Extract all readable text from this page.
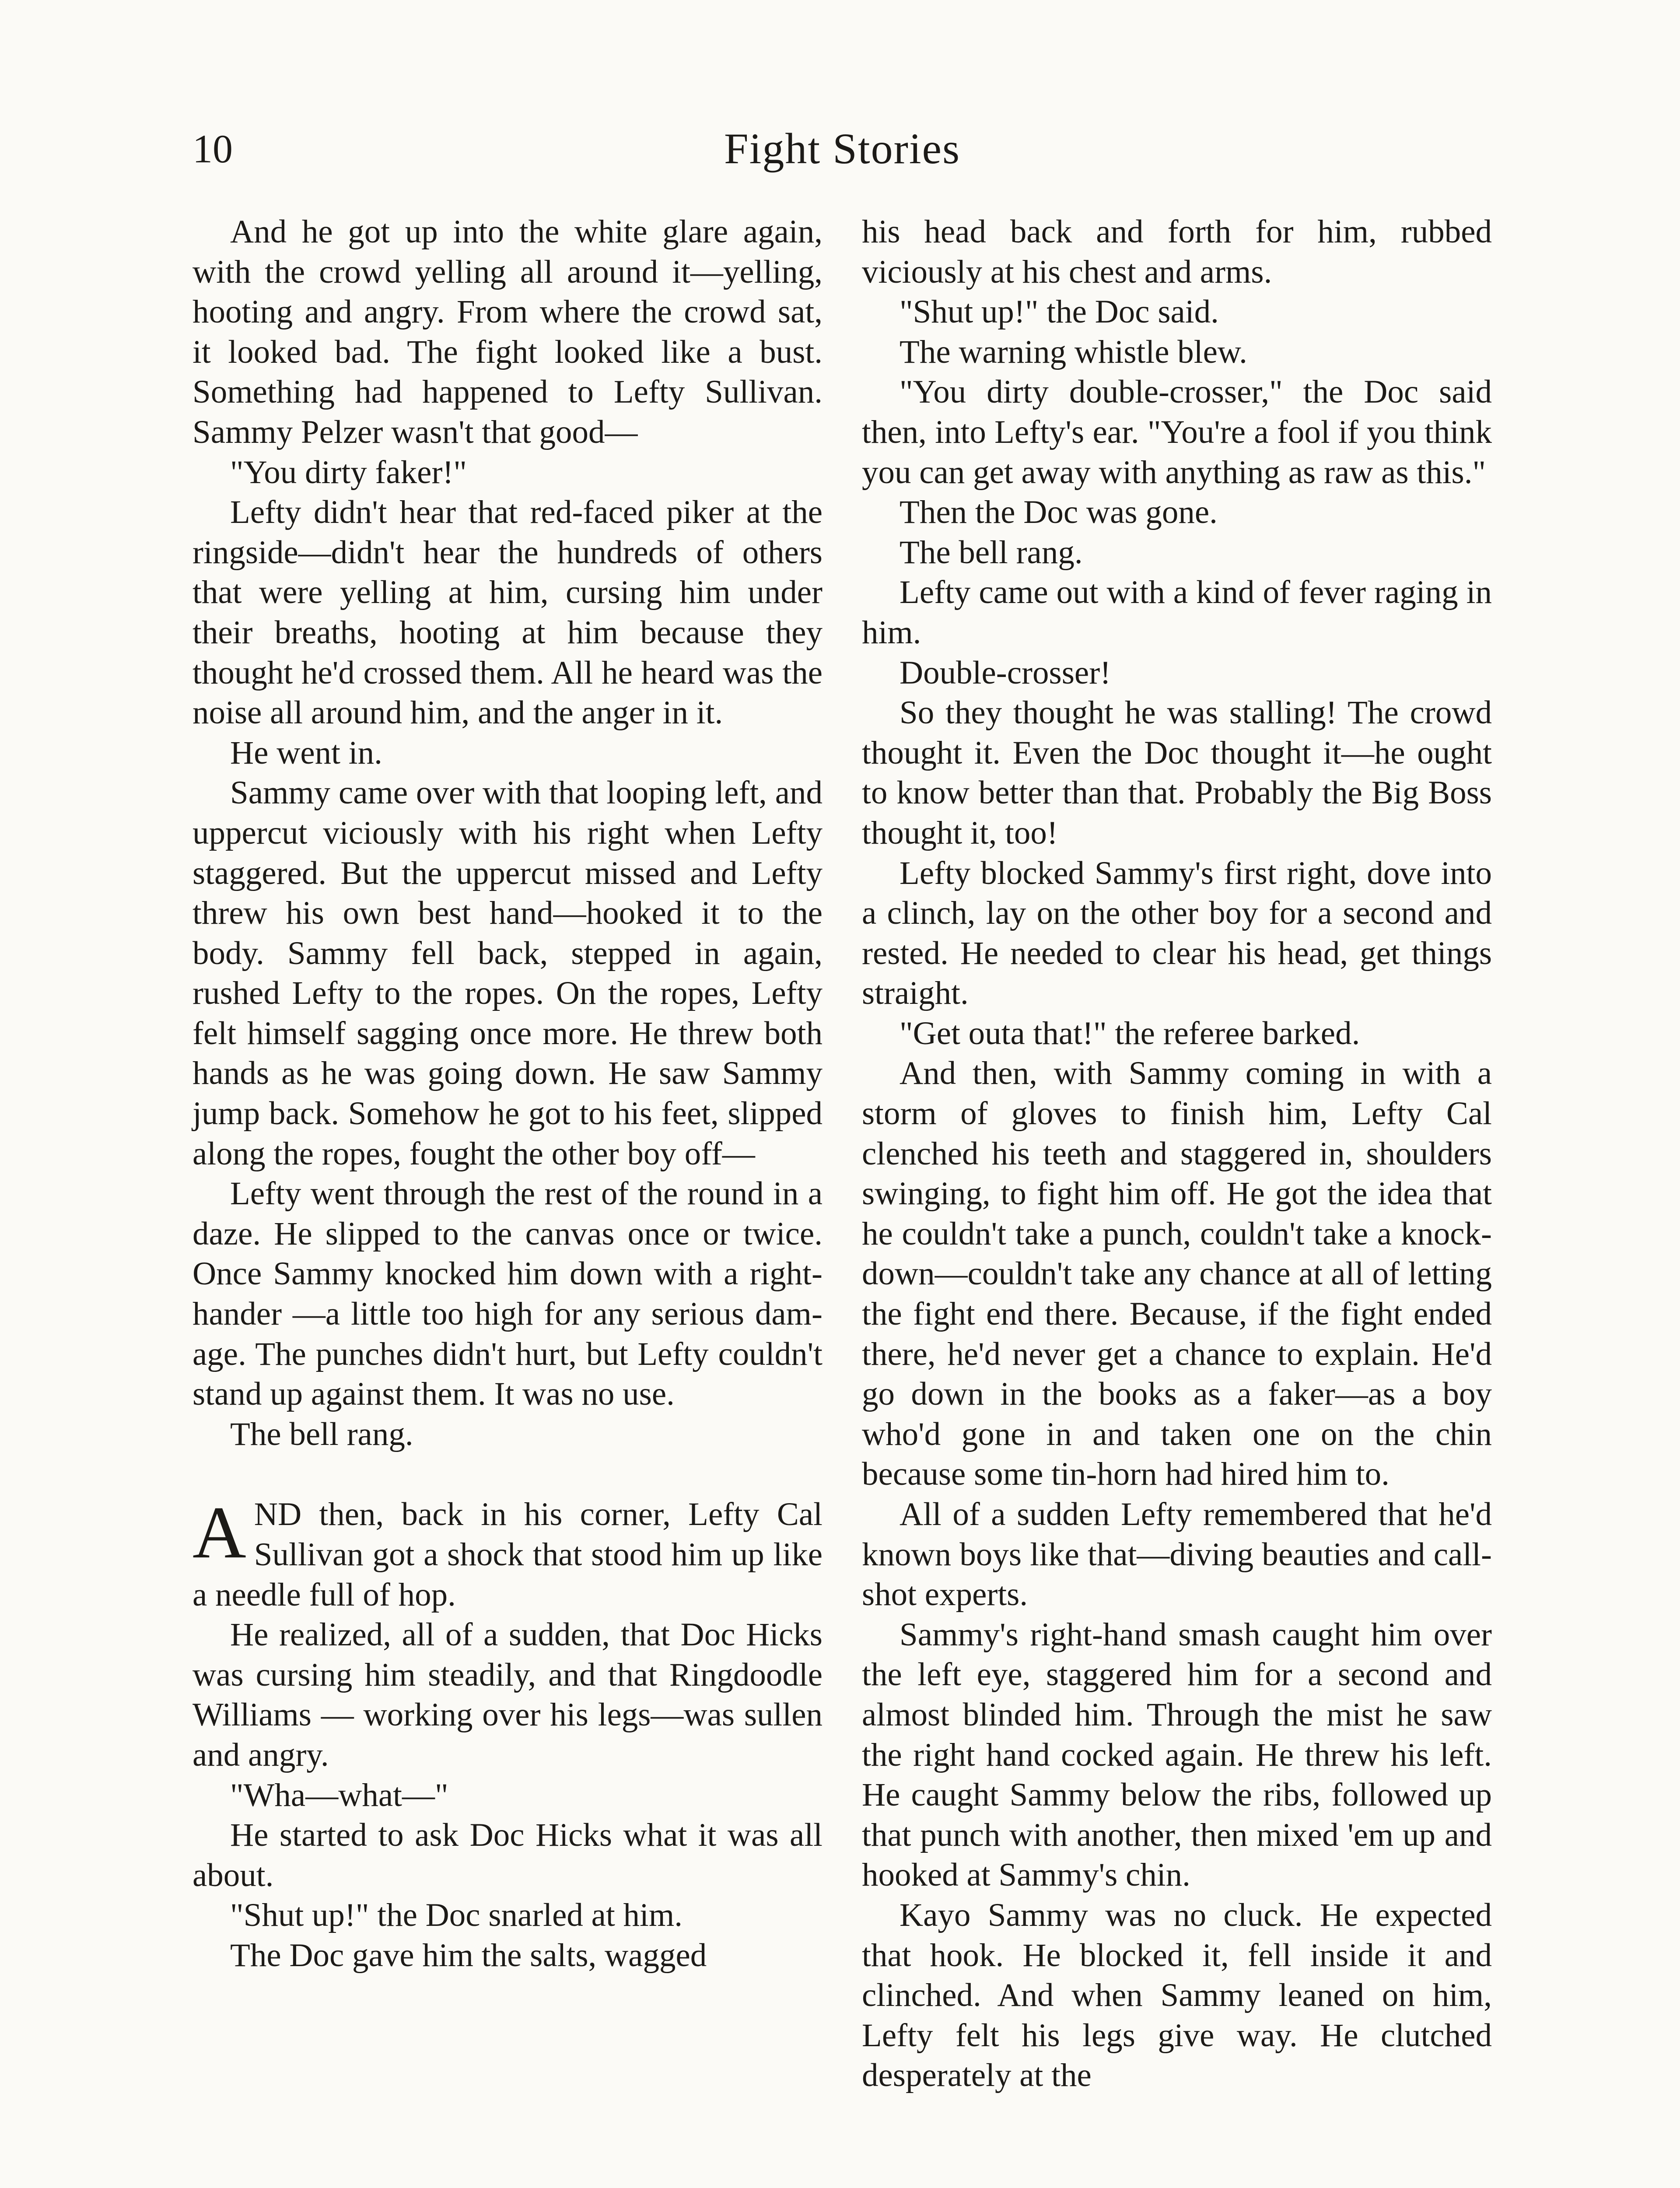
10	Fight Stories

And he got up into the white glare again, with the crowd yelling all around it—yelling, hooting and angry. From where the crowd sat, it looked bad. The fight looked like a bust. Something had happened to Lefty Sullivan. Sammy Pelzer wasn't that good—

"You dirty faker!"

Lefty didn't hear that red-faced piker at the ringside—didn't hear the hundreds of others that were yelling at him, cursing him under their breaths, hooting at him because they thought he'd crossed them. All he heard was the noise all around him, and the anger in it.

He went in.

Sammy came over with that looping left, and uppercut viciously with his right when Lefty staggered. But the uppercut missed and Lefty threw his own best hand—hooked it to the body. Sammy fell back, stepped in again, rushed Lefty to the ropes. On the ropes, Lefty felt himself sagging once more. He threw both hands as he was going down. He saw Sammy jump back. Somehow he got to his feet, slipped along the ropes, fought the other boy off—

Lefty went through the rest of the round in a daze. He slipped to the canvas once or twice. Once Sammy knocked him down with a right-hander —a little too high for any serious damage. The punches didn't hurt, but Lefty couldn't stand up against them. It was no use.

The bell rang.

AND then, back in his corner, Lefty Cal Sullivan got a shock that stood him up like a needle full of hop.

He realized, all of a sudden, that Doc Hicks was cursing him steadily, and that Ringdoodle Williams — working over his legs—was sullen and angry.

"Wha—what—"

He started to ask Doc Hicks what it was all about.

"Shut up!" the Doc snarled at him.

The Doc gave him the salts, wagged

his head back and forth for him, rubbed viciously at his chest and arms.

"Shut up!" the Doc said.

The warning whistle blew.

"You dirty double-crosser," the Doc said then, into Lefty's ear. "You're a fool if you think you can get away with anything as raw as this."

Then the Doc was gone.

The bell rang.

Lefty came out with a kind of fever raging in him.

Double-crosser!

So they thought he was stalling! The crowd thought it. Even the Doc thought it—he ought to know better than that. Probably the Big Boss thought it, too!

Lefty blocked Sammy's first right, dove into a clinch, lay on the other boy for a second and rested. He needed to clear his head, get things straight.

"Get outa that!" the referee barked.

And then, with Sammy coming in with a storm of gloves to finish him, Lefty Cal clenched his teeth and staggered in, shoulders swinging, to fight him off. He got the idea that he couldn't take a punch, couldn't take a knockdown—couldn't take any chance at all of letting the fight end there. Because, if the fight ended there, he'd never get a chance to explain. He'd go down in the books as a faker—as a boy who'd gone in and taken one on the chin because some tin-horn had hired him to.

All of a sudden Lefty remembered that he'd known boys like that—diving beauties and call-shot experts.

Sammy's right-hand smash caught him over the left eye, staggered him for a second and almost blinded him. Through the mist he saw the right hand cocked again. He threw his left. He caught Sammy below the ribs, followed up that punch with another, then mixed 'em up and hooked at Sammy's chin.

Kayo Sammy was no cluck. He expected that hook. He blocked it, fell inside it and clinched. And when Sammy leaned on him, Lefty felt his legs give way. He clutched desperately at the
